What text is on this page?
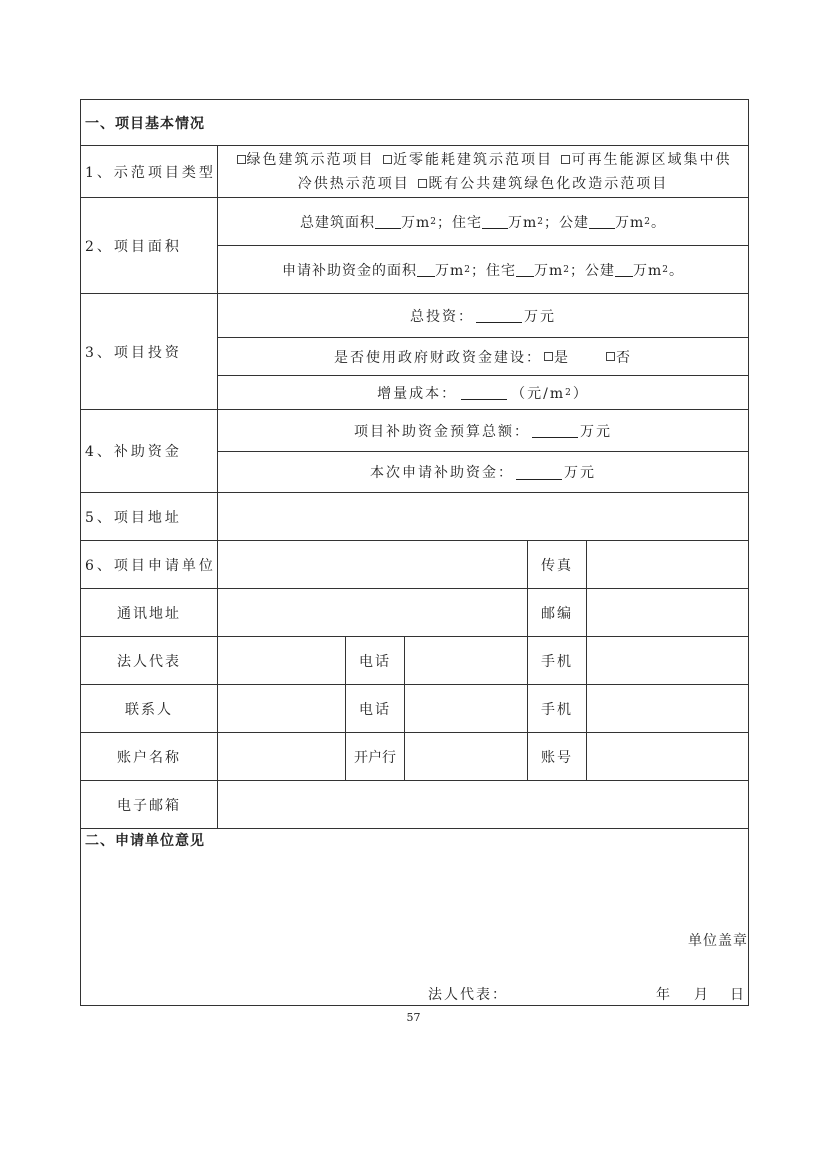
一、项目基本情况
1、示范项目类型
绿色建筑示范项目 近零能耗建筑示范项目 可再生能源区域集中供
冷供热示范项目 既有公共建筑绿色化改造示范项目
2、项目面积
总建筑面积 万m 2 ；住宅 万m 2 ；公建 万m 2 。
申请补助资金的面积 万m 2 ；住宅 万m 2 ；公建 万m 2 。
3、项目投资
总投资：	万元
是否使用政府财政资金建设： 是	否
增量成本：	（元/m 2 ）
4、补助资金
项目补助资金预算总额：	万元
本次申请补助资金：	万元
5、项目地址
6、项目申请单位	传真
通讯地址	邮编
法人代表	电话	手机
联系人	电话	手机
账户名称	开户行	账号
电子邮箱
二、申请单位意见
单位盖章
法人代表：	年 月 日
57
